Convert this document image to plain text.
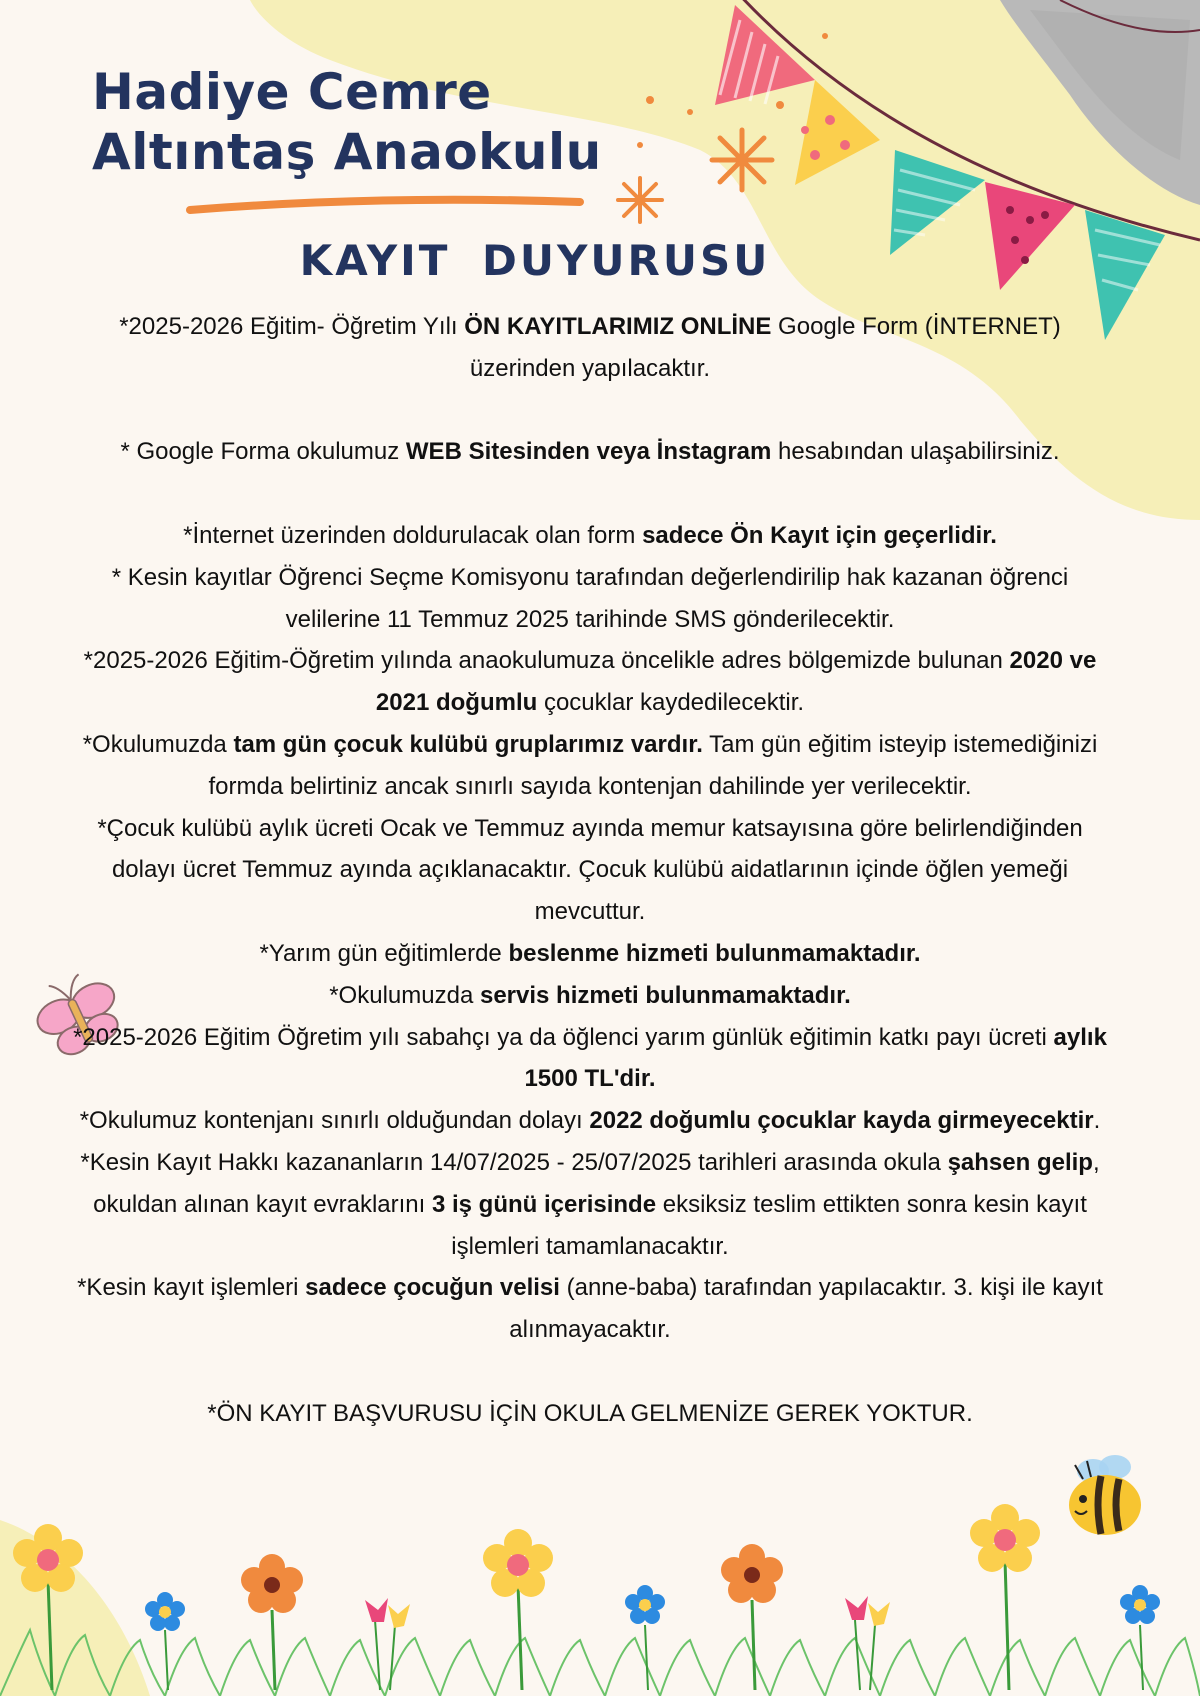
Hadiye Cemre
Altıntaş Anaokulu
KAYIT DUYURUSU

*2025-2026 Eğitim- Öğretim Yılı ÖN KAYITLARIMIZ ONLİNE Google Form (İNTERNET) üzerinden yapılacaktır.

* Google Forma okulumuz WEB Sitesinden veya İnstagram hesabından ulaşabilirsiniz.

*İnternet üzerinden doldurulacak olan form sadece Ön Kayıt için geçerlidir.

* Kesin kayıtlar Öğrenci Seçme Komisyonu tarafından değerlendirilip hak kazanan öğrenci velilerine 11 Temmuz 2025 tarihinde SMS gönderilecektir.

*2025-2026 Eğitim-Öğretim yılında anaokulumuza öncelikle adres bölgemizde bulunan 2020 ve 2021 doğumlu çocuklar kaydedilecektir.

*Okulumuzda tam gün çocuk kulübü gruplarımız vardır. Tam gün eğitim isteyip istemediğinizi formda belirtiniz ancak sınırlı sayıda kontenjan dahilinde yer verilecektir.

*Çocuk kulübü aylık ücreti Ocak ve Temmuz ayında memur katsayısına göre belirlendiğinden dolayı ücret Temmuz ayında açıklanacaktır. Çocuk kulübü aidatlarının içinde öğlen yemeği mevcuttur.

*Yarım gün eğitimlerde beslenme hizmeti bulunmamaktadır.

*Okulumuzda servis hizmeti bulunmamaktadır.

*2025-2026 Eğitim Öğretim yılı sabahçı ya da öğlenci yarım günlük eğitimin katkı payı ücreti aylık 1500 TL'dir.

*Okulumuz kontenjanı sınırlı olduğundan dolayı 2022 doğumlu çocuklar kayda girmeyecektir.

*Kesin Kayıt Hakkı kazananların 14/07/2025 - 25/07/2025 tarihleri arasında okula şahsen gelip, okuldan alınan kayıt evraklarını 3 iş günü içerisinde eksiksiz teslim ettikten sonra kesin kayıt işlemleri tamamlanacaktır.

*Kesin kayıt işlemleri sadece çocuğun velisi (anne-baba) tarafından yapılacaktır. 3. kişi ile kayıt alınmayacaktır.

*ÖN KAYIT BAŞVURUSU İÇİN OKULA GELMENİZE GEREK YOKTUR.
